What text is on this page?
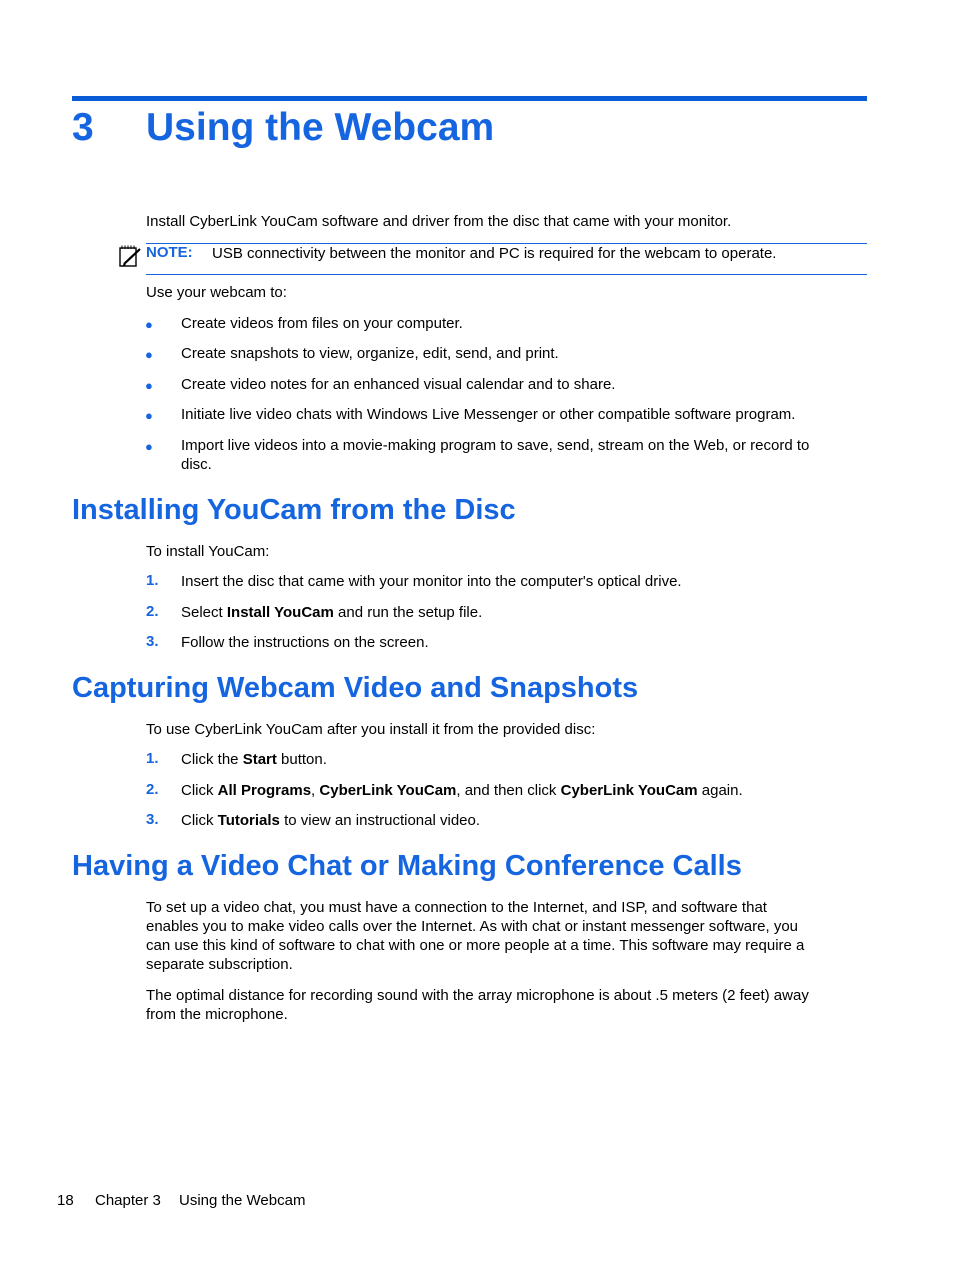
3 Using the Webcam
Install CyberLink YouCam software and driver from the disc that came with your monitor.
NOTE: USB connectivity between the monitor and PC is required for the webcam to operate.
Use your webcam to:
● Create videos from files on your computer.
● Create snapshots to view, organize, edit, send, and print.
● Create video notes for an enhanced visual calendar and to share.
● Initiate live video chats with Windows Live Messenger or other compatible software program.
● Import live videos into a movie-making program to save, send, stream on the Web, or record to
disc.
Installing YouCam from the Disc
To install YouCam:
1. Insert the disc that came with your monitor into the computer's optical drive.
2. Select Install YouCam and run the setup file.
3. Follow the instructions on the screen.
Capturing Webcam Video and Snapshots
To use CyberLink YouCam after you install it from the provided disc:
1. Click the Start button.
2. Click All Programs, CyberLink YouCam, and then click CyberLink YouCam again.
3. Click Tutorials to view an instructional video.
Having a Video Chat or Making Conference Calls
To set up a video chat, you must have a connection to the Internet, and ISP, and software that
enables you to make video calls over the Internet. As with chat or instant messenger software, you
can use this kind of software to chat with one or more people at a time. This software may require a
separate subscription.
The optimal distance for recording sound with the array microphone is about .5 meters (2 feet) away
from the microphone.
18 Chapter 3 Using the Webcam
